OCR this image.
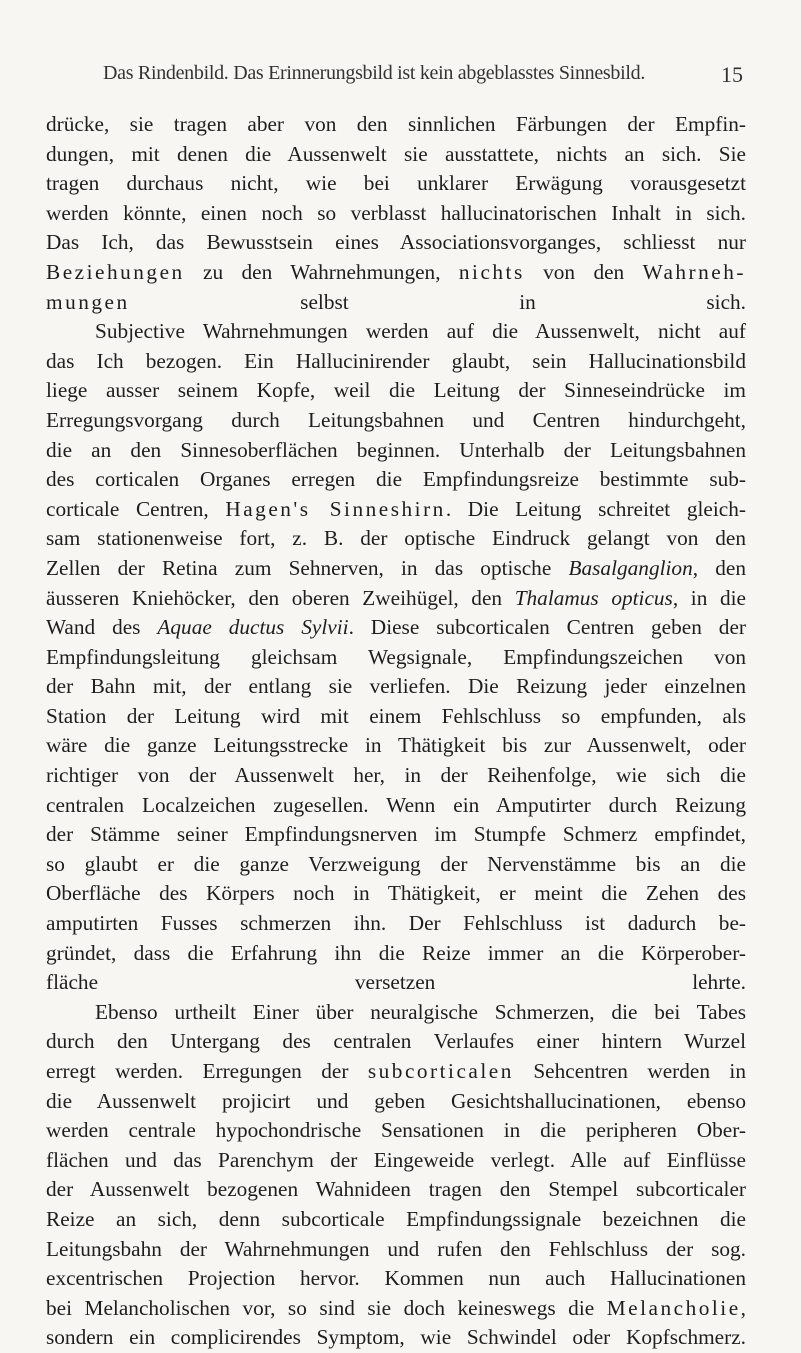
Das Rindenbild. Das Erinnerungsbild ist kein abgeblasstes Sinnesbild.	15

drücke, sie tragen aber von den sinnlichen Färbungen der Empfin-
dungen, mit denen die Aussenwelt sie ausstattete, nichts an sich. Sie
tragen durchaus nicht, wie bei unklarer Erwägung vorausgesetzt
werden könnte, einen noch so verblasst hallucinatorischen Inhalt in sich.
Das Ich, das Bewusstsein eines Associationsvorganges, schliesst nur
Beziehungen zu den Wahrnehmungen, nichts von den Wahrneh-
mungen selbst in sich.

Subjective Wahrnehmungen werden auf die Aussenwelt, nicht auf
das Ich bezogen. Ein Hallucinirender glaubt, sein Hallucinationsbild
liege ausser seinem Kopfe, weil die Leitung der Sinneseindrücke im
Erregungsvorgang durch Leitungsbahnen und Centren hindurchgeht,
die an den Sinnesoberflächen beginnen. Unterhalb der Leitungsbahnen
des corticalen Organes erregen die Empfindungsreize bestimmte sub-
corticale Centren, Hagen's Sinneshirn. Die Leitung schreitet gleich-
sam stationenweise fort, z. B. der optische Eindruck gelangt von den
Zellen der Retina zum Sehnerven, in das optische Basalganglion, den
äusseren Kniehöcker, den oberen Zweihügel, den Thalamus opticus, in die
Wand des Aquae ductus Sylvii. Diese subcorticalen Centren geben der
Empfindungsleitung gleichsam Wegsignale, Empfindungszeichen von
der Bahn mit, der entlang sie verliefen. Die Reizung jeder einzelnen
Station der Leitung wird mit einem Fehlschluss so empfunden, als
wäre die ganze Leitungsstrecke in Thätigkeit bis zur Aussenwelt, oder
richtiger von der Aussenwelt her, in der Reihenfolge, wie sich die
centralen Localzeichen zugesellen. Wenn ein Amputirter durch Reizung
der Stämme seiner Empfindungsnerven im Stumpfe Schmerz empfindet,
so glaubt er die ganze Verzweigung der Nervenstämme bis an die
Oberfläche des Körpers noch in Thätigkeit, er meint die Zehen des
amputirten Fusses schmerzen ihn. Der Fehlschluss ist dadurch be-
gründet, dass die Erfahrung ihn die Reize immer an die Körperober-
fläche versetzen lehrte.

Ebenso urtheilt Einer über neuralgische Schmerzen, die bei Tabes
durch den Untergang des centralen Verlaufes einer hintern Wurzel
erregt werden. Erregungen der subcorticalen Sehcentren werden in
die Aussenwelt projicirt und geben Gesichtshallucinationen, ebenso
werden centrale hypochondrische Sensationen in die peripheren Ober-
flächen und das Parenchym der Eingeweide verlegt. Alle auf Einflüsse
der Aussenwelt bezogenen Wahnideen tragen den Stempel subcorticaler
Reize an sich, denn subcorticale Empfindungssignale bezeichnen die
Leitungsbahn der Wahrnehmungen und rufen den Fehlschluss der sog.
excentrischen Projection hervor. Kommen nun auch Hallucinationen
bei Melancholischen vor, so sind sie doch keineswegs die Melancholie,
sondern ein complicirendes Symptom, wie Schwindel oder Kopfschmerz.
